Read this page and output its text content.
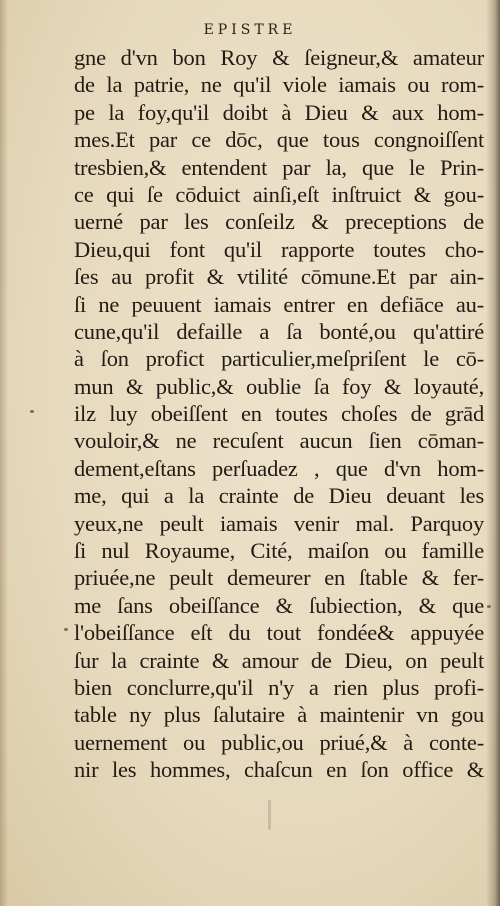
EPISTRE
gne d'vn bon Roy & ſeigneur,& amateur
de la patrie, ne qu'il viole iamais ou rom-
pe la foy,qu'il doibt à Dieu & aux hom-
mes.Et par ce dōc, que tous congnoiſſent
tresbien,& entendent par la, que le Prin-
ce qui ſe cōduict ainſi,eſt inſtruict & gou-
uerné par les conſeilz & preceptions de
Dieu,qui font qu'il rapporte toutes cho-
ſes au profit & vtilité cōmune.Et par ain-
ſi ne peuuent iamais entrer en defiāce au-
cune,qu'il defaille a ſa bonté,ou qu'attiré
à ſon profict particulier,meſpriſent le cō-
mun & public,& oublie ſa foy & loyauté,
ilz luy obeiſſent en toutes choſes de grād
vouloir,& ne recuſent aucun ſien cōman-
dement,eſtans perſuadez , que d'vn hom-
me, qui a la crainte de Dieu deuant les
yeux,ne peult iamais venir mal. Parquoy
ſi nul Royaume, Cité, maiſon ou famille
priuée,ne peult demeurer en ſtable & fer-
me ſans obeiſſance & ſubiection, & que
l'obeiſſance eſt du tout fondée& appuyée
ſur la crainte & amour de Dieu, on peult
bien conclurre,qu'il n'y a rien plus profi-
table ny plus ſalutaire à maintenir vn gou
uernement ou public,ou priué,& à conte-
nir les hommes, chaſcun en ſon office &
